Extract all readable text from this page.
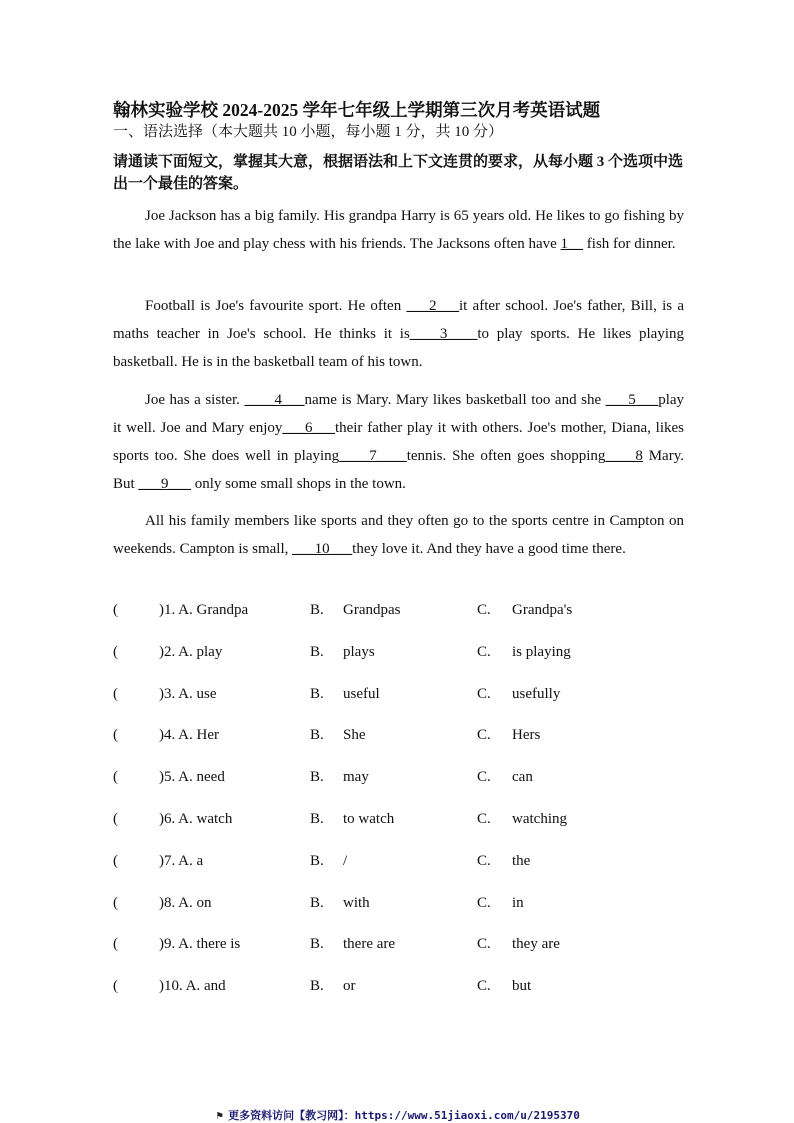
翰林实验学校 2024-2025 学年七年级上学期第三次月考英语试题
一、语法选择（本大题共 10 小题，每小题 1 分，共 10 分）
请通读下面短文，掌握其大意，根据语法和上下文连贯的要求，从每小题 3 个选项中选出一个最佳的答案。

Joe Jackson has a big family. His grandpa Harry is 65 years old. He likes to go fishing by the lake with Joe and play chess with his friends. The Jacksons often have 1__ fish for dinner.

Football is Joe's favourite sport. He often ___2___it after school. Joe's father, Bill, is a maths teacher in Joe's school. He thinks it is____3____to play sports. He likes playing basketball. He is in the basketball team of his town.

Joe has a sister. ____4___name is Mary. Mary likes basketball too and she ___5___play it well. Joe and Mary enjoy___6___their father play it with others. Joe's mother, Diana, likes sports too. She does well in playing____7____tennis. She often goes shopping____8 Mary. But ___9___ only some small shops in the town.

All his family members like sports and they often go to the sports centre in Campton on weekends. Campton is small, ___10___they love it. And they have a good time there.

(	)1. A. Grandpa	B. Grandpas	C. Grandpa's
(	)2. A. play	B. plays	C. is playing
(	)3. A. use	B. useful	C. usefully
(	)4. A. Her	B. She	C. Hers
(	)5. A. need	B. may	C. can
(	)6. A. watch	B. to watch	C. watching
(	)7. A. a	B. /	C. the
(	)8. A. on	B. with	C. in
(	)9. A. there is	B. there are	C. they are
(	)10. A. and	B. or	C. but
⚑ 更多资料访问【教习网】：https://www.51jiaoxi.com/u/2195370
